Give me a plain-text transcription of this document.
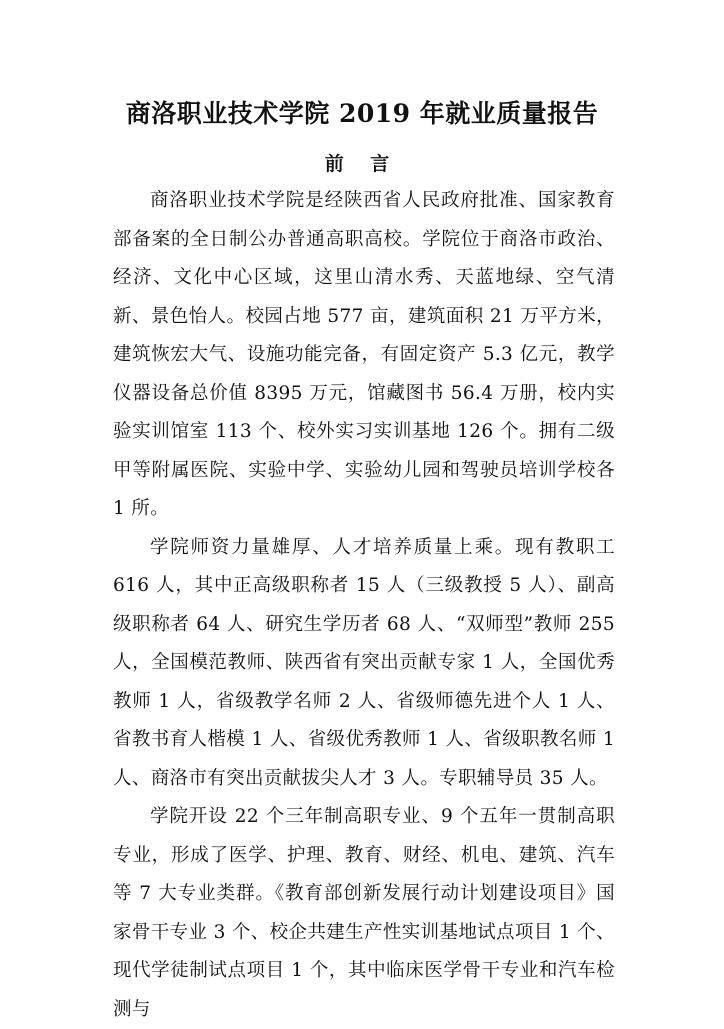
商洛职业技术学院 2019 年就业质量报告
前 言

商洛职业技术学院是经陕西省人民政府批准、国家教育部备案的全日制公办普通高职高校。学院位于商洛市政治、经济、文化中心区域，这里山清水秀、天蓝地绿、空气清新、景色怡人。校园占地 577 亩，建筑面积 21 万平方米，建筑恢宏大气、设施功能完备，有固定资产 5.3 亿元，教学仪器设备总价值 8395 万元，馆藏图书 56.4 万册，校内实验实训馆室 113 个、校外实习实训基地 126 个。拥有二级甲等附属医院、实验中学、实验幼儿园和驾驶员培训学校各 1 所。

学院师资力量雄厚、人才培养质量上乘。现有教职工 616 人，其中正高级职称者 15 人（三级教授 5 人）、副高级职称者 64 人、研究生学历者 68 人、“双师型”教师 255 人，全国模范教师、陕西省有突出贡献专家 1 人，全国优秀教师 1 人，省级教学名师 2 人、省级师德先进个人 1 人、省教书育人楷模 1 人、省级优秀教师 1 人、省级职教名师 1 人、商洛市有突出贡献拔尖人才 3 人。专职辅导员 35 人。

学院开设 22 个三年制高职专业、9 个五年一贯制高职专业，形成了医学、护理、教育、财经、机电、建筑、汽车等 7 大专业类群。《教育部创新发展行动计划建设项目》国家骨干专业 3 个、校企共建生产性实训基地试点项目 1 个、现代学徒制试点项目 1 个，其中临床医学骨干专业和汽车检测与
